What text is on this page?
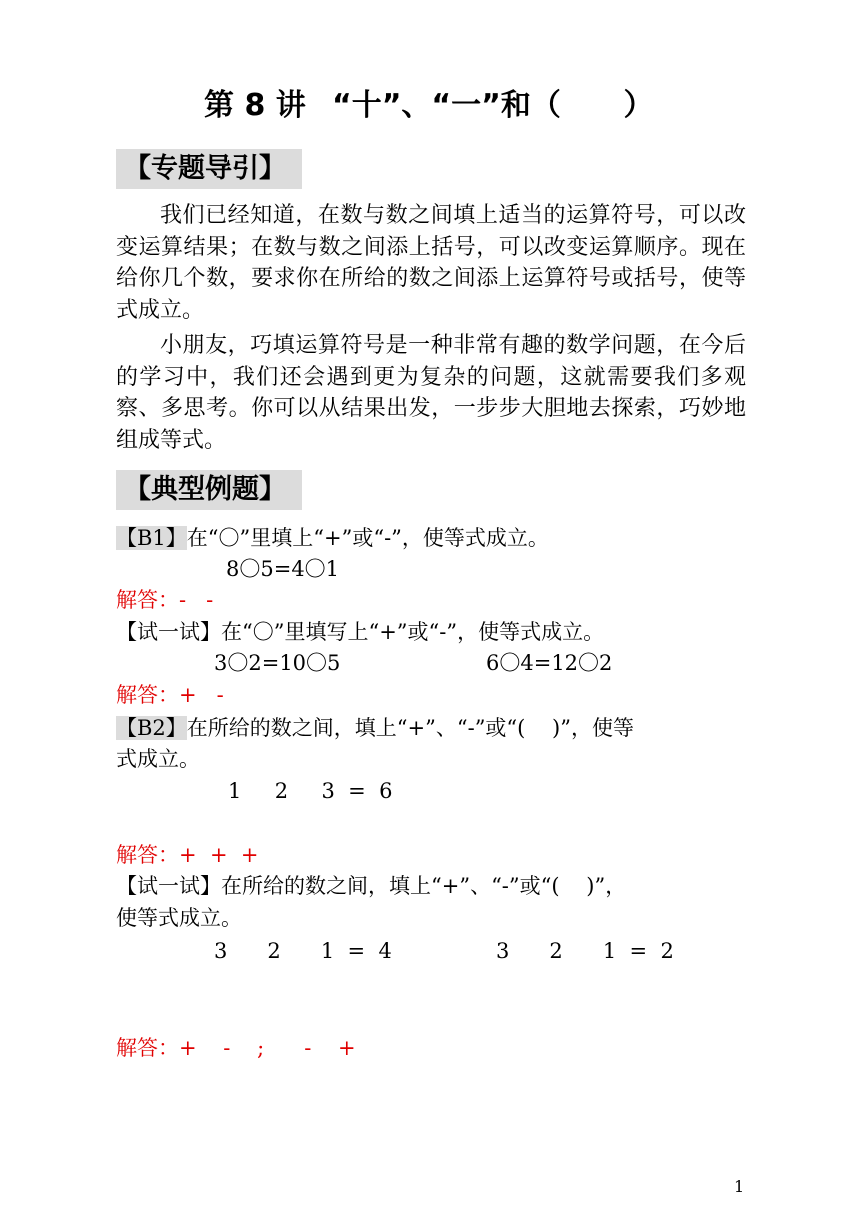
第 8 讲 “十”、“一”和（      ）
【专题导引】
我们已经知道，在数与数之间填上适当的运算符号，可以改变运算结果；在数与数之间添上括号，可以改变运算顺序。现在给你几个数，要求你在所给的数之间添上运算符号或括号，使等式成立。
小朋友，巧填运算符号是一种非常有趣的数学问题，在今后的学习中，我们还会遇到更为复杂的问题，这就需要我们多观察、多思考。你可以从结果出发，一步步大胆地去探索，巧妙地组成等式。
【典型例题】
【B1】在“〇”里填上“+”或“-”，使等式成立。
8〇5=4〇1
解答：-   -
【试一试】在“〇”里填写上“+”或“-”，使等式成立。
3〇2=10〇5	6〇4=12〇2
解答：+   -
【B2】在所给的数之间，填上“+”、“-”或“(    )”，使等
式成立。
1     2     3  =  6
解答：+  +  +
【试一试】在所给的数之间，填上“+”、“-”或“(    )”，
使等式成立。
3      2      1  =  4	3      2      1  =  2
解答：+    -    ;      -    +
1
